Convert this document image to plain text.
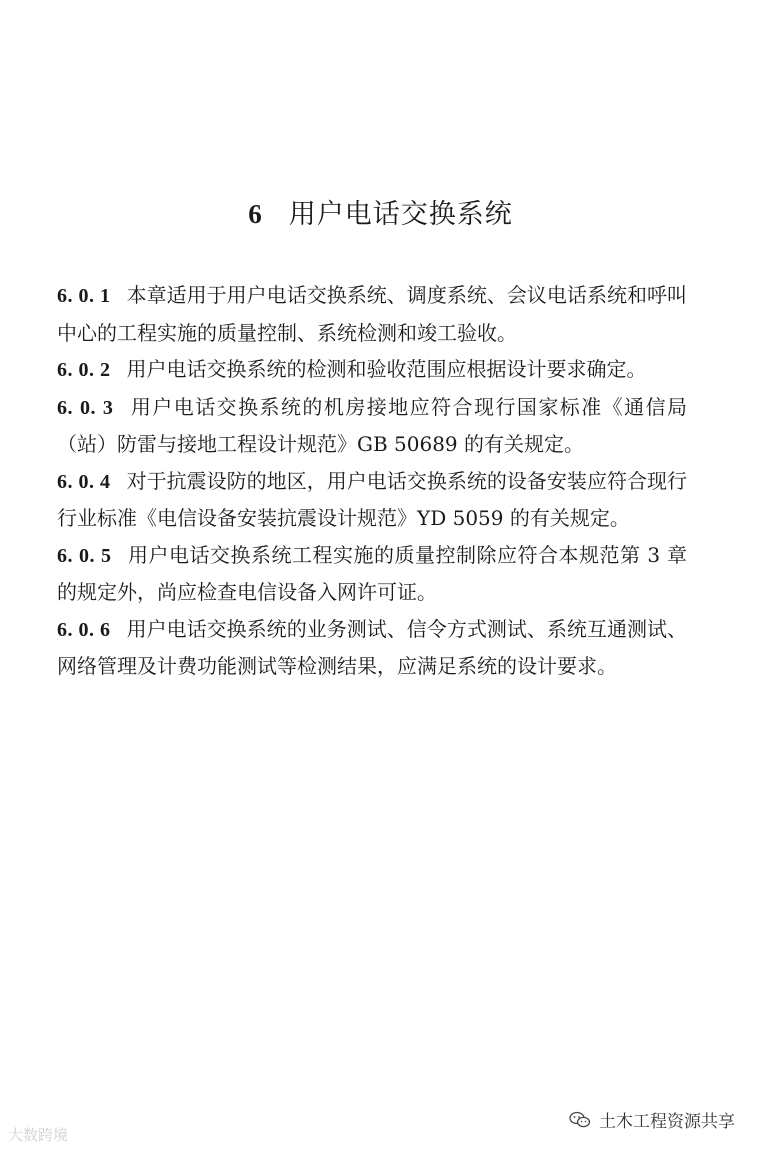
6 用户电话交换系统
6. 0. 1 本章适用于用户电话交换系统、调度系统、会议电话系统和呼叫中心的工程实施的质量控制、系统检测和竣工验收。
6. 0. 2 用户电话交换系统的检测和验收范围应根据设计要求确定。
6. 0. 3 用户电话交换系统的机房接地应符合现行国家标准《通信局（站）防雷与接地工程设计规范》GB 50689 的有关规定。
6. 0. 4 对于抗震设防的地区，用户电话交换系统的设备安装应符合现行行业标准《电信设备安装抗震设计规范》YD 5059 的有关规定。
6. 0. 5 用户电话交换系统工程实施的质量控制除应符合本规范第 3 章的规定外，尚应检查电信设备入网许可证。
6. 0. 6 用户电话交换系统的业务测试、信令方式测试、系统互通测试、网络管理及计费功能测试等检测结果，应满足系统的设计要求。
大数跨境
土木工程资源共享
